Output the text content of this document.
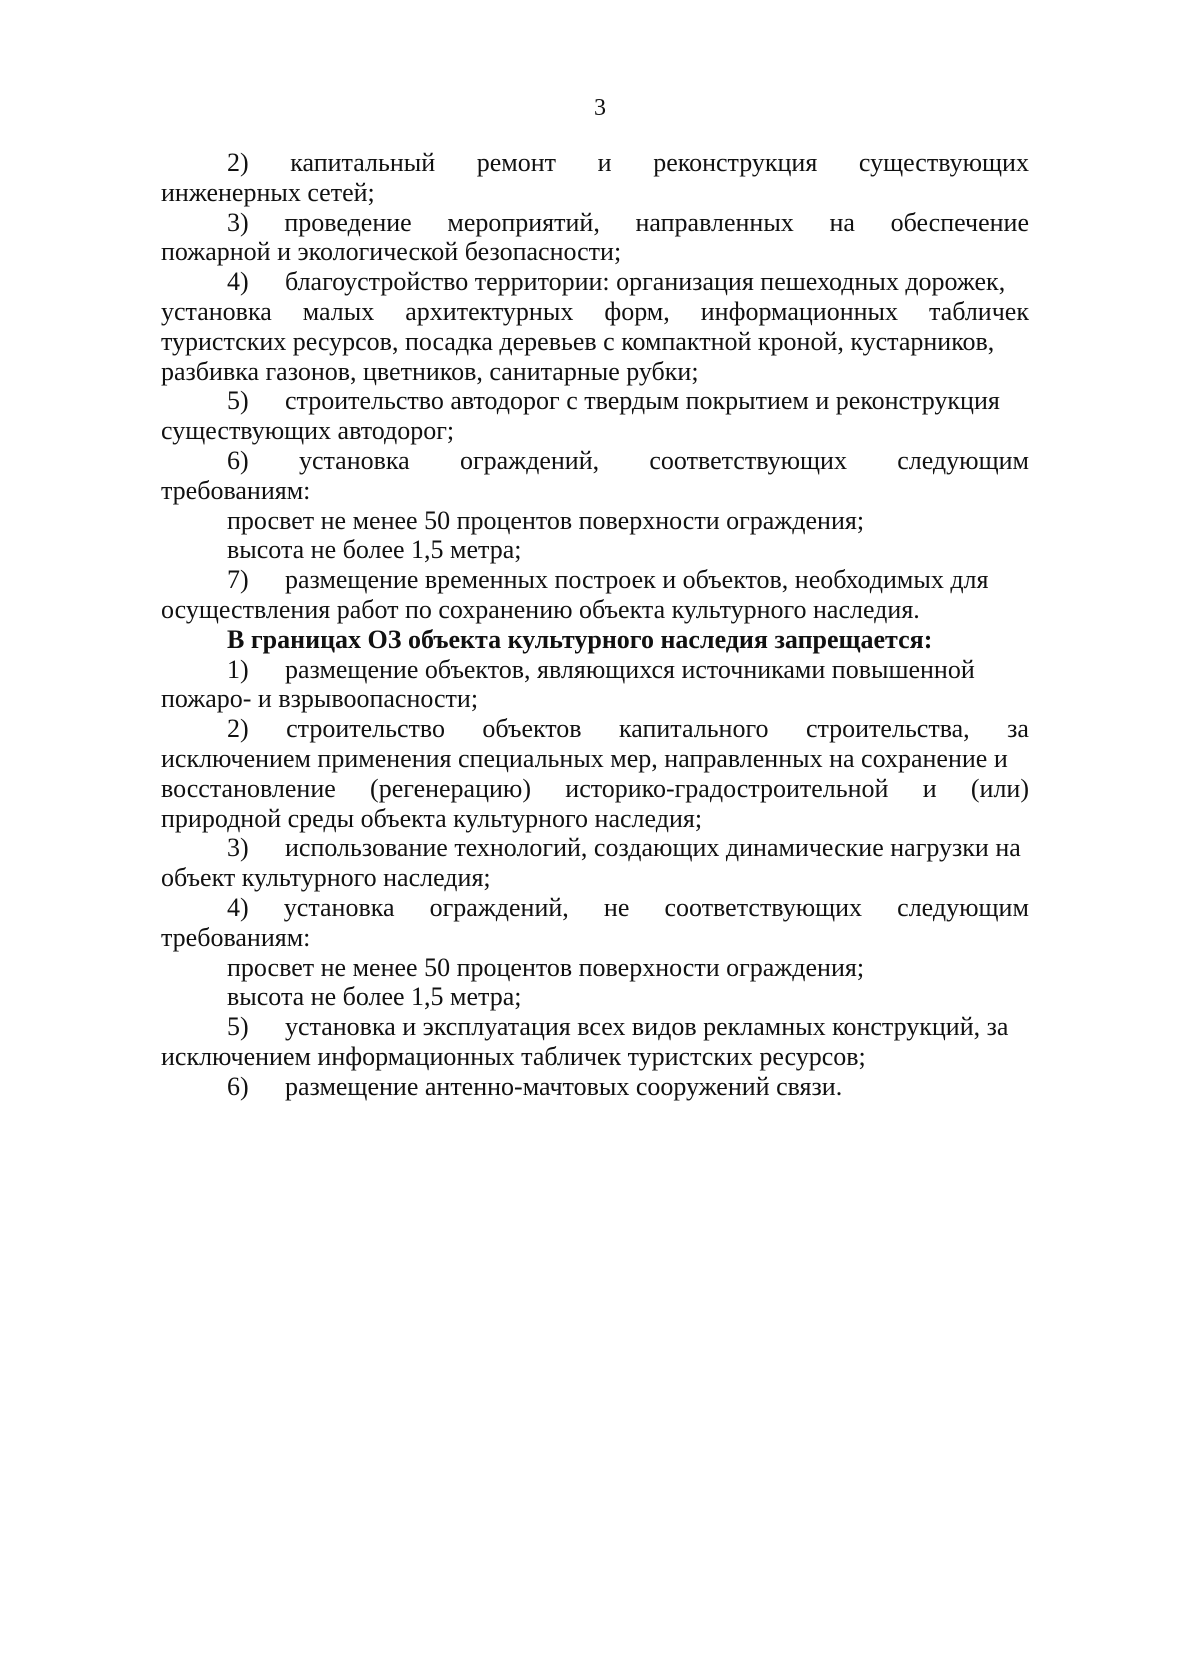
3
2) капитальный ремонт и реконструкция существующих
инженерных сетей;
3) проведение мероприятий, направленных на обеспечение
пожарной и экологической безопасности;
4) благоустройство территории: организация пешеходных дорожек,
установка малых архитектурных форм, информационных табличек
туристских ресурсов, посадка деревьев с компактной кроной, кустарников,
разбивка газонов, цветников, санитарные рубки;
5) строительство автодорог с твердым покрытием и реконструкция
существующих автодорог;
6) установка ограждений, соответствующих следующим
требованиям:
просвет не менее 50 процентов поверхности ограждения;
высота не более 1,5 метра;
7) размещение временных построек и объектов, необходимых для
осуществления работ по сохранению объекта культурного наследия.
В границах ОЗ объекта культурного наследия запрещается:
1) размещение объектов, являющихся источниками повышенной
пожаро- и взрывоопасности;
2) строительство объектов капитального строительства, за
исключением применения специальных мер, направленных на сохранение и
восстановление (регенерацию) историко-градостроительной и (или)
природной среды объекта культурного наследия;
3) использование технологий, создающих динамические нагрузки на
объект культурного наследия;
4) установка ограждений, не соответствующих следующим
требованиям:
просвет не менее 50 процентов поверхности ограждения;
высота не более 1,5 метра;
5) установка и эксплуатация всех видов рекламных конструкций, за
исключением информационных табличек туристских ресурсов;
6) размещение антенно-мачтовых сооружений связи.
